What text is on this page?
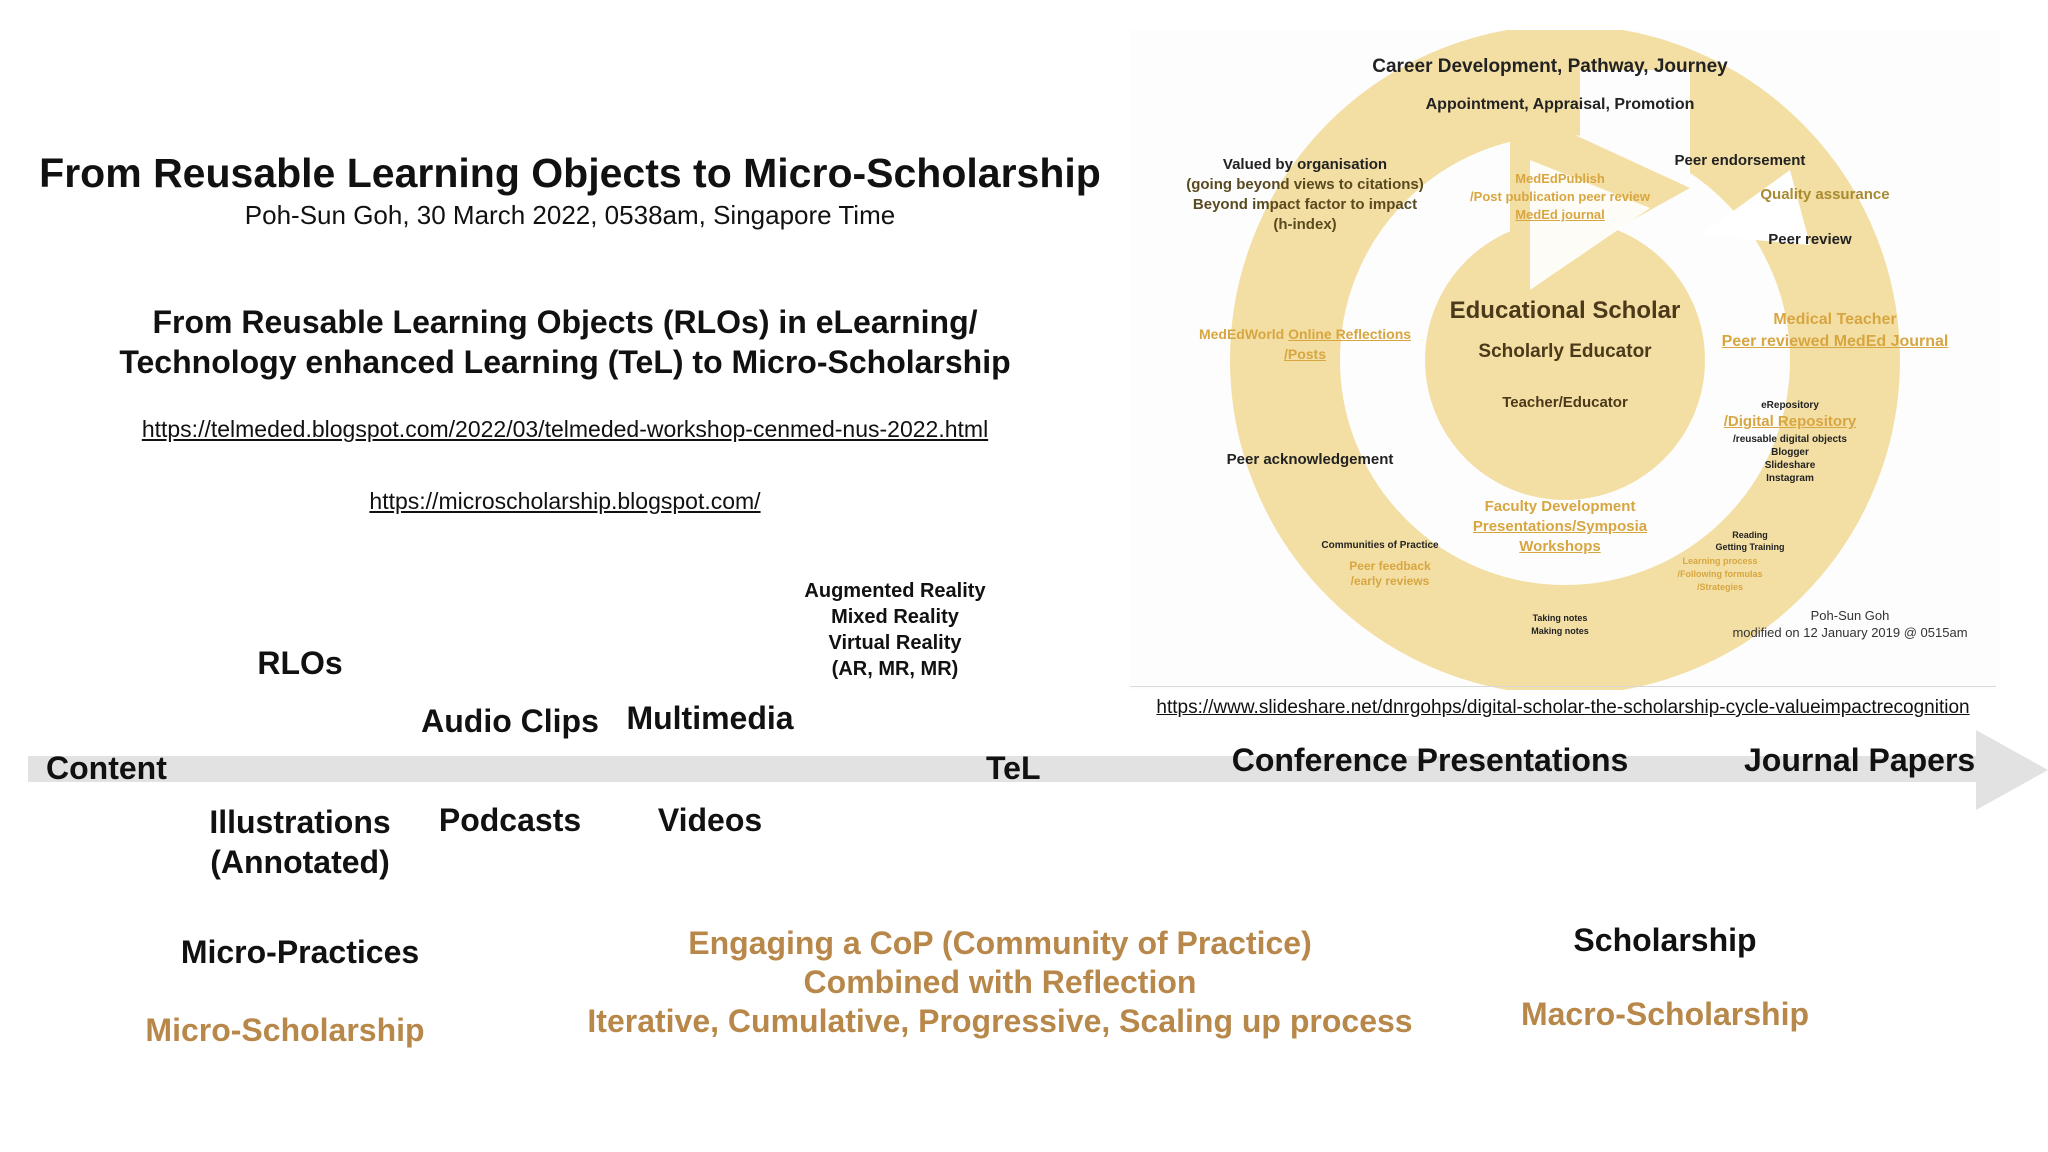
From Reusable Learning Objects to Micro-Scholarship
Poh-Sun Goh, 30 March 2022, 0538am, Singapore Time
From Reusable Learning Objects (RLOs) in eLearning/
Technology enhanced Learning (TeL) to Micro-Scholarship
https://telmeded.blogspot.com/2022/03/telmeded-workshop-cenmed-nus-2022.html
https://microscholarship.blogspot.com/
Career Development, Pathway, Journey
Appointment, Appraisal, Promotion
Valued by organisation
(going beyond views to citations)
Beyond impact factor to impact
(h-index)
MedEdPublish
/Post publication peer review
MedEd journal
Peer endorsement
Quality assurance
Peer review
Educational Scholar
Scholarly Educator
Teacher/Educator
MedEdWorld Online Reflections
/Posts
Medical Teacher
Peer reviewed MedEd Journal
eRepository
/Digital Repository
/reusable digital objects
Blogger
Slideshare
Instagram
Peer acknowledgement
Faculty Development
Presentations/Symposia
Workshops
Communities of Practice
Peer feedback
/early reviews
Reading
Getting Training
Learning process
/Following formulas
/Strategies
Taking notes
Making notes
Poh-Sun Goh
modified on 12 January 2019 @ 0515am
https://www.slideshare.net/dnrgohps/digital-scholar-the-scholarship-cycle-valueimpactrecognition
Augmented Reality
Mixed Reality
Virtual Reality
(AR, MR, MR)
RLOs
Audio Clips Multimedia
Content	TeL	Conference Presentations	Journal Papers
Illustrations
(Annotated)
Podcasts	Videos
Micro-Practices
Micro-Scholarship
Engaging a CoP (Community of Practice)
Combined with Reflection
Iterative, Cumulative, Progressive, Scaling up process
Scholarship
Macro-Scholarship
